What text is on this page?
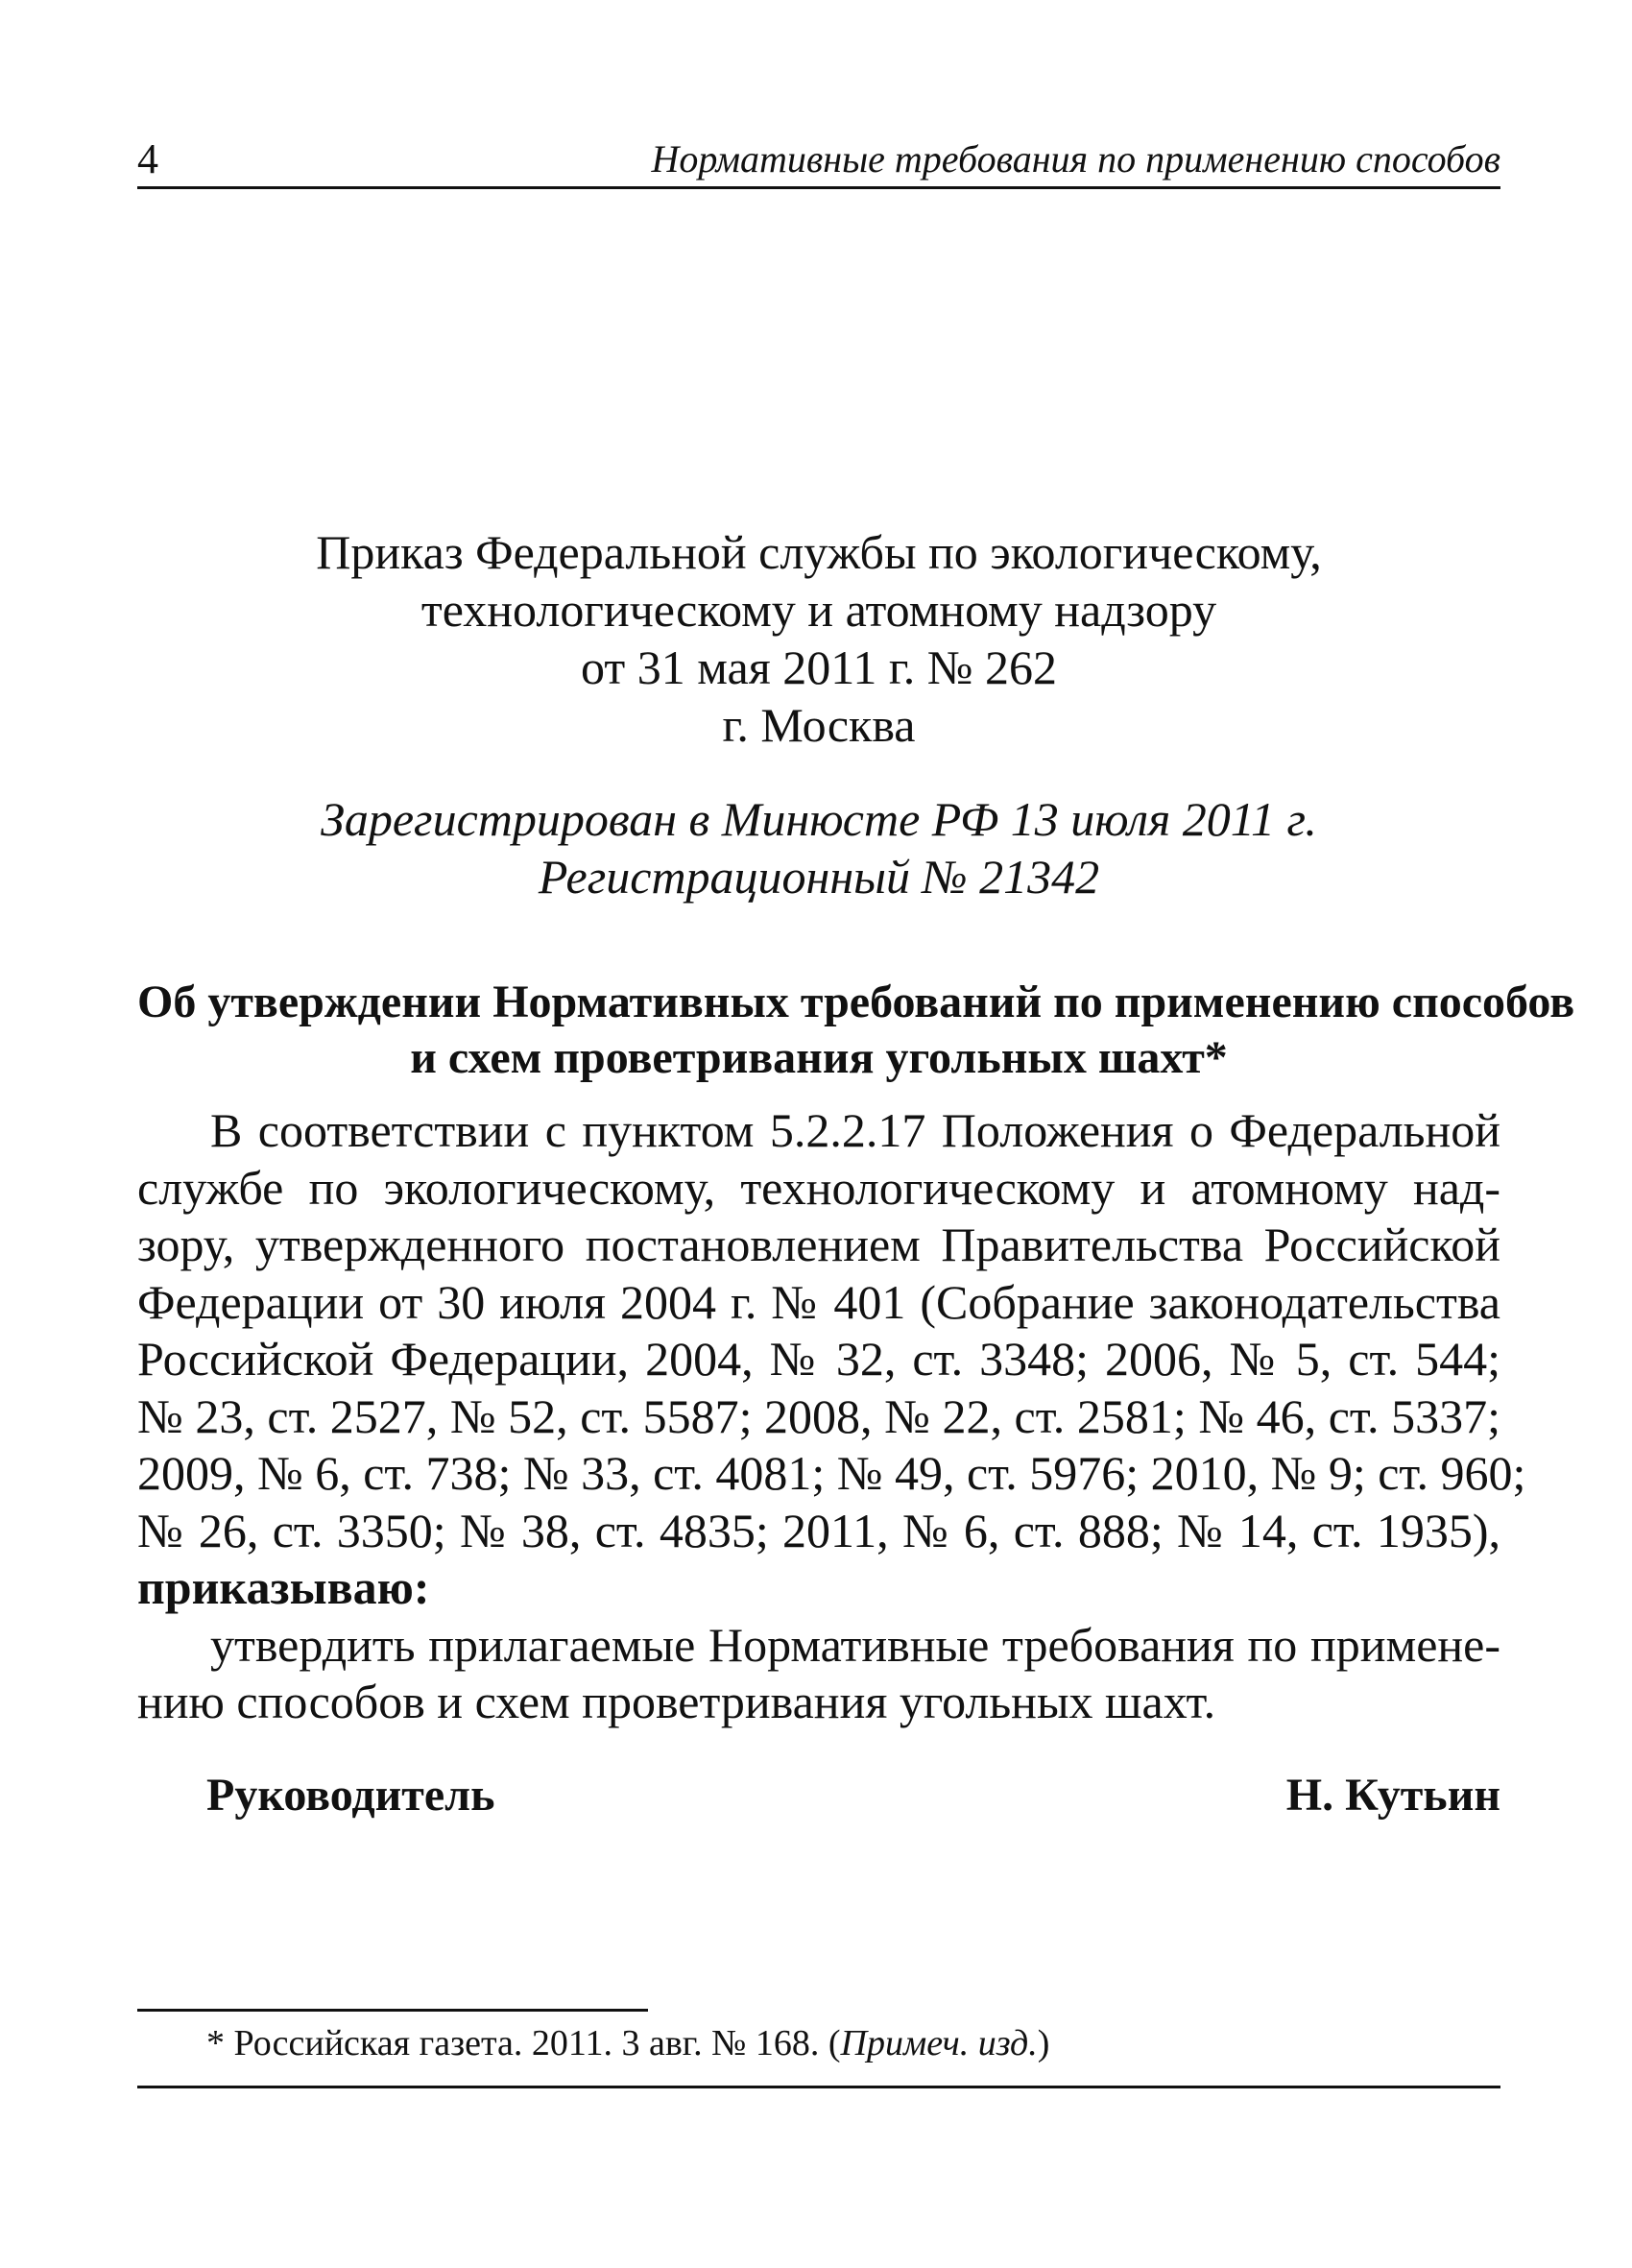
4	Нормативные требования по применению способов
Приказ Федеральной службы по экологическому,
технологическому и атомному надзору
от 31 мая 2011 г. № 262
г. Москва
Зарегистрирован в Минюсте РФ 13 июля 2011 г.
Регистрационный № 21342
Об утверждении Нормативных требований по применению способов
и схем проветривания угольных шахт*
В соответствии с пунктом 5.2.2.17 Положения о Федеральной
службе по экологическому, технологическому и атомному над-
зору, утвержденного постановлением Правительства Российской
Федерации от 30 июля 2004 г. № 401 (Собрание законодательства
Российской Федерации, 2004, № 32, ст. 3348; 2006, № 5, ст. 544;
№ 23, ст. 2527, № 52, ст. 5587; 2008, № 22, ст. 2581; № 46, ст. 5337;
2009, № 6, ст. 738; № 33, ст. 4081; № 49, ст. 5976; 2010, № 9; ст. 960;
№ 26, ст. 3350; № 38, ст. 4835; 2011, № 6, ст. 888; № 14, ст. 1935),
приказываю:
утвердить прилагаемые Нормативные требования по примене-
нию способов и схем проветривания угольных шахт.
Руководитель	Н. Кутьин
* Российская газета. 2011. 3 авг. № 168. (Примеч. изд.)
